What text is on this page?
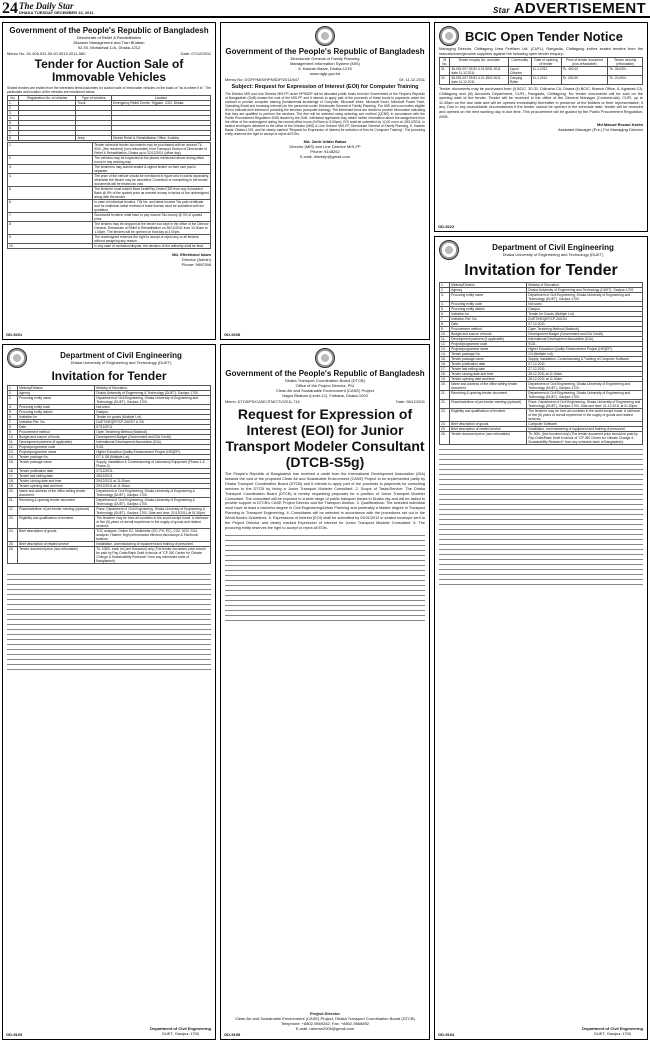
24 The Daily Star
DHAKA TUESDAY DECEMBER 13, 2011	Star ADVERTISEMENT
Government of the People's Republic of Bangladesh
Directorate of Relief & Rehabilitation
Disaster Management and Tran Bhaban
92-93, Mohakhali C/A, Dhaka-1212
Memo No. 51.406.031.00.00.0013.2011-580	Date: 07/12/2011
Tender for Auction Sale of Immovable Vehicles

Sealed tenders are invited from the interested firms/customers for auction sale of immovable vehicles on the basis of "as is where it is". The particulars and location of the vehicles are mentioned below.

No.	Registration No. of vehicles	Type of vehicles	Location
1.		Truck	Emergency Relief Centre, Tejgaon, CSD, Dhaka.
2.			
3.			
4.			
5.			
6.			
7.			
8.		Jeep	District Relief & Rehabilitation Office, Kushtia
1.	Tender schedule tender documents may be purchased with an amount Tk. 500/- (five hundred) (non-refundable) from Transport Section of Directorate of Relief & Rehabilitation, Dhaka up to 22/12/2011 (office day).
2.	The vehicles may be inspected at the places mentioned above during office hours in any working day.
3.	The tenderers may submit sealed & signed tender on their own pad in separate.
4.	The price of the vehicle should be mentioned in figure and in words separately, otherwise the tender may be cancelled. Correction or overwriting in the tender documents will be treated as void.
5.	The tenderer must submit Bank Draft/Pay-Order/CDR from any Scheduled Bank @ 5% of the quoted price as earnest money in favour of the undersigned along with the tender.
6.	In case of individual tenders, TIN No. and latest Income Tax paid certificate and for institution latest renewal of trade license must be submitted with the quotation.
7.	Successful tenderer shall have to pay Income Tax money @ 3% of quoted price.
8.	The tenders may be dropped at the tender box kept in the office of the Director General, Directorate of Relief & Rehabilitation on 26/12/2011 from 10.00am to 1.00pm. The tenders will be opened on that day at 2.00pm.
9.	The undersigned reserves the right to accept or reject any or all tenders without assigning any reason.
10.	In any case of confusion/dispute, the decision of the authority shall be final.
Md. Eftekharul Islam
Director (Admin)
Phone: 9892398
GD-5201
Government of the People's Republic of Bangladesh
Directorate General of Family Planning
Management Information System (MIS)
6, Kawran Bazar, Dhaka-1215
www.dgfp.gov.bd
Memo No: DGFP/MIS/HPNSDP/2011/647	Dt: 11.12.2011
Subject: Request for Expression of Interest (EOI) for Computer Training

The Director MIS and Line Director MIS-FP under HPNSDP will be allocated public funds from the Government of the People's Republic of Bangladesh (GoB) toward the cost of the MIS-FP and it intends to apply part of the proceeds of these funds to payments under the contract to provide computer training (fundamental knowledge of Computer, Microsoft Word, Microsoft Excel, Microsoft Power Point, Operating Email and browsing Internet) for the personnel under Directorate General of Family Planning. The MIS and now invites eligible firm to indicate their interest in providing the services (computer training). The interested firms are invited to provide information indicating that they are qualified to perform the services. The firm will be selected using selecting sub method (QCBS) in accordance with the Public Procurement Regulation 2008 issued by the GoB. Interested applicants may obtain further information about the assignment from the office of the undersigned during the normal office hours (9:00am to 5:00pm). EOI shall be submitted by 12:00 noon on 28/12/2011, in sealed envelopes delivered to the office of the Director (MIS) & Line Director MIS-FP, Directorate General of Family Planning, 6, Kawran Bazar, Dhaka-1215, and be clearly marked "Request for Expression of Interest for selection of firm for Computer Training". The procuring entity reserves the right to accept or reject all EOIs.

Md. Zahir Uddin Babar
Director (MIS) and Line Director MIS-FP
Phone: 9148262
E-mail: dirmisfp@gmail.com
GD-5208
BCIC Open Tender Notice

Managing Director, Chittagong Urea Fertilizer Ltd. (CUFL), Rangadia, Chittagong invites sealed tenders from the manufacturer/genuine suppliers against the following open tender enquiry:-

Sl No.	Tender enquiry No. and date	Commodity	Date of opening of tender	Price of tender document (non-refundable)	Tender security (refundable)
01.	36.091.007.09.52.4 01.5001.2011 date 11.12.2011	Liquid Chlorine	11-1-2012	Tk. 400.00	Tk. 35,000/-
02.	36.091.007.09.52.4 01.3502.2011 date 11.12.2011	Carrying Roller	11-1-2012	Tk. 200.00	Tk. 20,000/-

Tender documents may be purchased from (i) BCIC, 30-31, Dilkusha CA, Dhaka (ii) BCIC, Branch Office, 6, Agrabad CA, Chittagong and (iii) Accounts Department, CUFL, Rangadia, Chittagong. No tender documents will be sold on the opening date of the tender. Tender will be received in the office of the General Manager (Commercial), CUFL up to 11.30am on the due date and will be opened immediately thereafter in presence of the bidders or their representative, if any. Due to any unavoidable circumstances if the tender cannot be opened in the schedule date, tender will be received and opened on the next working day in due time. This procurement will be guided by the Public Procurement Regulation, 2008.

Md Masud Rezaul Karim
Assistant Manager (Pur.) For Managing Director
GD-5222
Department of Civil Engineering
Dhaka University of Engineering and Technology (DUET)
Invitation for Tender
1.	Ministry/Division	Ministry of Education.
2.	Agency	Dhaka University of Engineering & Technology (DUET), Gazipur-1700.
3.	Procuring entity name	Department of Civil Engineering, Dhaka University of Engineering and Technology (DUET), Gazipur-1700.
4.	Procuring entity code	Not used.
5.	Procuring entity district	Gazipur.
6.	Invitation for	Tender for goods (Multiple Lot).
7.	Invitation Ref. No.	DUET/HEQEP/CP-260/G7 & G8.
8.	Date	07/12/2011
9.	Procurement method	Open Tendering Method (National).
10.	Budget and source of funds	Development Budget (Government and IDA Credit).
11.	Development partners (if applicable)	International Development Association (IDA).
12.	Project/programme code	9131
13.	Project/programme name	Higher Education Quality Enhancement Project (HEQEP).
14.	Tender package No.	G7 & G8 (Multiple Lot).
15.	Tender package name	Supply, Installation & Commissioning of Laboratory Equipment (Phase-1 & Phase-2).
16.	Tender publication date	07/12/2011.
17.	Tender last selling date	28/12/2011
18.	Tender closing date and time	29/12/2011 at 11.00am.
19.	Tender opening date and time	29/12/2011 at 11.30am.
20.	Name and address of the office selling tender document	Department of Civil Engineering, Dhaka University of Engineering & Technology (DUET), Gazipur-1700.
21.	Receiving & opening tender document	Department of Civil Engineering, Dhaka University of Engineering & Technology (DUET), Gazipur-1700.
22.	Place/date/time of pre-tender meeting (optional)	Place: Department of Civil Engineering, Dhaka University of Engineering & Technology (DUET), Gazipur-1700. Date and time: 21/12/2011 at 01.30pm.
23.	Eligibility and qualification of tenderer	The tenderer may be from all countries in the world except Israel. A minimum of five (5) years of overall experience in the supply of goods and related services.
24.	Brief description of goods	TOC analyzer; Online EC, Multimeter (DO, PH, EC), CO2, NO3, SO4 analyzer, Hasher; High performance electron-microscope & Electronic balance.
25.	Brief description of related service	Installation, commissioning of equipment and training of personnel.
26.	Tender document price (non-refundable)	Tk. 1000/- each lot (one thousand) only (The tender document price should be paid by Pay-Order/Bank Draft in favour of "CP 260 Center for Climate Change & Sustainability Research" from any scheduled bank of Bangladesh).

Department of Civil Engineering
DUET, Gazipur-1700
GD-5193
Government of the People's Republic of Bangladesh
Dhaka Transport Coordination Board (DTCB)
Office of the Project Director, PIU
Clean Air and Sustainable Environment (CASE) Project
Nagar Bhaban (Level-12), Fulbaria, Dhaka-1000
Memo: DTCB/PD/CASE/JTMC/TV/2011-718	Date: 08/12/2011
Request for Expression of Interest (EOI) for Junior Transport Modeler Consultant (DTCB-S5g)

The People's Republic of Bangladesh has received a credit from the International Development Association (IDA) towards the cost of the proposed Clean Air and Sustainable Environment (CASE) Project to be implemented partly by Dhaka Transport Coordination Board (DTCB) and it intends to apply part of the proceeds to payments for consulting services to the DTCB by hiring a Junior Transport Modeler Consultant. 2. Scope of Tasks/Service: The Dhaka Transport Coordination Board (DTCB) is hereby requesting proposals for a position of Junior Transport Modeler Consultant. The consultant will be exposed to a wide range of public transport issues in Dhaka city and will be asked to provide support to DTCB's CASE Project Director and the Transport Advisor. 3. Qualifications: The selected individual must have at least a bachelor degree in Civil Engineering/Urban Planning and preferably a Master degree in Transport Planning or Transport Engineering. 4. Consultants will be selected in accordance with the procedures set out in the World Bank's Guidelines. 5. Expressions of Interest (EOI) shall be submitted by 03/01/2012 in sealed envelope sent to the Project Director and clearly marked Expression of Interest for Junior Transport Modeler Consultant. 6. The procuring entity reserves the right to accept or reject all EOIs.

Project Director
Clean Air and Sustainable Environment (CASE) Project, Dhaka Transport Coordination Board (DTCB)
Telephone: +8802-9569262, Fax: +8802-9568892
E-mail: rahman2005@gmail.com
GD-5198
Department of Civil Engineering
Dhaka University of Engineering and Technology (DUET)
Invitation for Tender
1.	Ministry/Division	Ministry of Education.
2.	Agency	Dhaka University of Engineering and Technology (DUET), Gazipur-1700.
3.	Procuring entity name	Department of Civil Engineering, Dhaka University of Engineering and Technology (DUET), Gazipur-1700.
4.	Procuring entity code	Not used.
5.	Procuring entity district	Gazipur.
6.	Invitation for	Tender for Goods (Multiple Lot).
7.	Invitation Ref. No.	DUET/HEQEP/CP-260/G4
8.	Date	07-12-2011.
9.	Procurement method	Open Tendering Method (National).
10.	Budget and source of funds	Development Budget (Government and IDA Credit).
11.	Development partners (if applicable)	International Development Association (IDA).
12.	Project/programme code	9131.
13.	Project/programme name	Higher Education Quality Enhancement Project (HEQEP).
14.	Tender package No.	G4 (Multiple Lot).
15.	Tender package name	Supply, Installation, Commissioning & Training of Computer Software.
16.	Tender publication date	07-12-2011.
17.	Tender last selling date	27-12-2011.
18.	Tender closing date and time	28-12-2011 at 11.00am.
19.	Tender opening date and time	28-12-2011 at 11.30am.
20.	Name and address of the office selling tender document	Department of Civil Engineering, Dhaka University of Engineering and Technology (DUET), Gazipur-1700.
21.	Receiving & opening tender document	Department of Civil Engineering, Dhaka University of Engineering and Technology (DUET), Gazipur-1700.
22.	Place/date/time of pre-tender meeting (optional)	Place: Department of Civil Engineering, Dhaka University of Engineering and Technology (DUET), Gazipur-1700. Date and time: 21-12-2011 at 01.30pm.
23.	Eligibility and qualification of tenderer	The tenderer may be from all countries in the world except Israel. A minimum of five (5) years of overall experience in the supply of goods and related services.
24.	Brief description of goods	Computer Software.
25.	Brief description of related service	Installation, commissioning of equipment and training of personnel.
26.	Tender document price (non-refundable)	Tk. 500/- (five hundred only) (The tender document price should be paid by Pay-Order/Bank Draft in favour of "CP 260 Center for Climate Change & Sustainability Research" from any schedule bank of Bangladesh).
Department of Civil Engineering
DUET, Gazipur-1700
GD-5194
